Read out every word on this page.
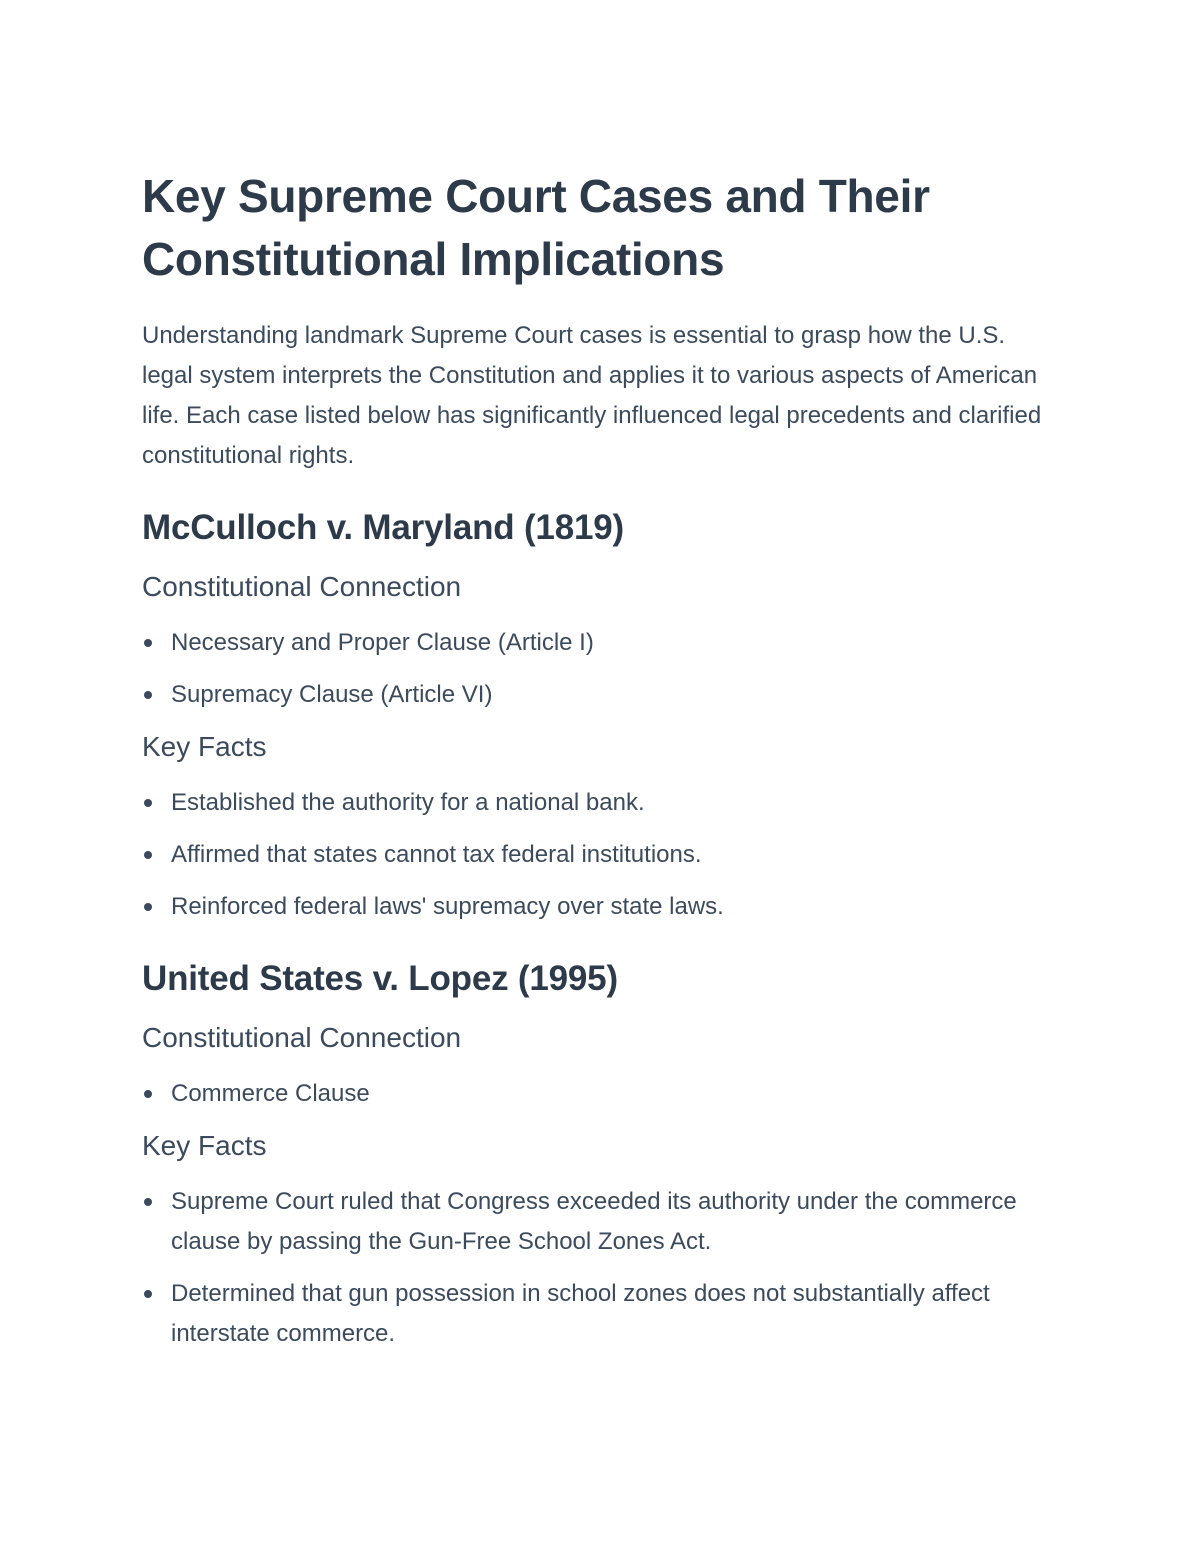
Key Supreme Court Cases and Their Constitutional Implications

Understanding landmark Supreme Court cases is essential to grasp how the U.S. legal system interprets the Constitution and applies it to various aspects of American life. Each case listed below has significantly influenced legal precedents and clarified constitutional rights.

McCulloch v. Maryland (1819)
Constitutional Connection
Necessary and Proper Clause (Article I)
Supremacy Clause (Article VI)
Key Facts
Established the authority for a national bank.
Affirmed that states cannot tax federal institutions.
Reinforced federal laws' supremacy over state laws.
United States v. Lopez (1995)
Constitutional Connection
Commerce Clause
Key Facts
Supreme Court ruled that Congress exceeded its authority under the commerce clause by passing the Gun-Free School Zones Act.
Determined that gun possession in school zones does not substantially affect interstate commerce.
